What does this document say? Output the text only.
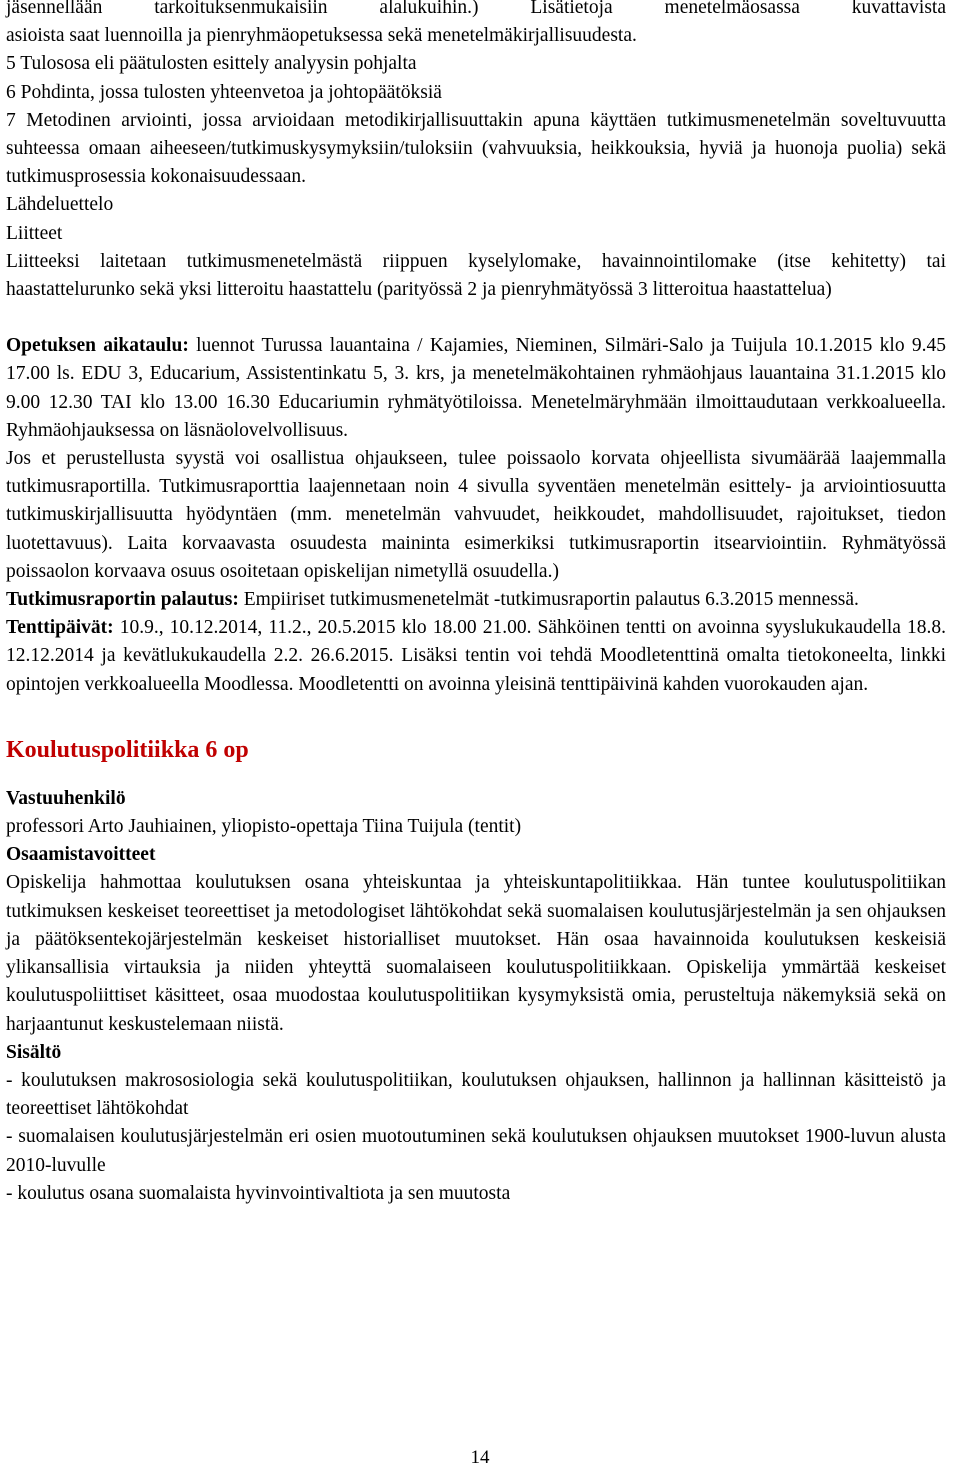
jäsennellään tarkoituksenmukaisiin alalukuihin.) Lisätietoja menetelmäosassa kuvattavista

asioista saat luennoilla ja pienryhmäopetuksessa sekä menetelmäkirjallisuudesta.

5 Tulososa eli päätulosten esittely analyysin pohjalta

6 Pohdinta, jossa tulosten yhteenvetoa ja johtopäätöksiä

7 Metodinen arviointi, jossa arvioidaan metodikirjallisuuttakin apuna käyttäen tutkimusmenetelmän soveltuvuutta suhteessa omaan aiheeseen/tutkimuskysymyksiin/tuloksiin (vahvuuksia, heikkouksia, hyviä ja huonoja puolia) sekä tutkimusprosessia kokonaisuudessaan.

Lähdeluettelo

Liitteet

Liitteeksi laitetaan tutkimusmenetelmästä riippuen kyselylomake, havainnointilomake (itse kehitetty) tai haastattelurunko sekä yksi litteroitu haastattelu (parityössä 2 ja pienryhmätyössä 3 litteroitua haastattelua)

Opetuksen aikataulu: luennot Turussa lauantaina / Kajamies, Nieminen, Silmäri-Salo ja Tuijula 10.1.2015 klo 9.45 17.00 ls. EDU 3, Educarium, Assistentinkatu 5, 3. krs, ja menetelmäkohtainen ryhmäohjaus lauantaina 31.1.2015 klo 9.00 12.30 TAI klo 13.00 16.30 Educariumin ryhmätyötiloissa. Menetelmäryhmään ilmoittaudutaan verkkoalueella. Ryhmäohjauksessa on läsnäolovelvollisuus.

Jos et perustellusta syystä voi osallistua ohjaukseen, tulee poissaolo korvata ohjeellista sivumäärää laajemmalla tutkimusraportilla. Tutkimusraporttia laajennetaan noin 4 sivulla syventäen menetelmän esittely- ja arviointiosuutta tutkimuskirjallisuutta hyödyntäen (mm. menetelmän vahvuudet, heikkoudet, mahdollisuudet, rajoitukset, tiedon luotettavuus). Laita korvaavasta osuudesta maininta esimerkiksi tutkimusraportin itsearviointiin. Ryhmätyössä poissaolon korvaava osuus osoitetaan opiskelijan nimetyllä osuudella.)

Tutkimusraportin palautus: Empiiriset tutkimusmenetelmät -tutkimusraportin palautus 6.3.2015 mennessä.

Tenttipäivät: 10.9., 10.12.2014, 11.2., 20.5.2015 klo 18.00 21.00. Sähköinen tentti on avoinna syyslukukaudella 18.8. 12.12.2014 ja kevätlukukaudella 2.2. 26.6.2015. Lisäksi tentin voi tehdä Moodletenttinä omalta tietokoneelta, linkki opintojen verkkoalueella Moodlessa. Moodletentti on avoinna yleisinä tenttipäivinä kahden vuorokauden ajan.

Koulutuspolitiikka 6 op

Vastuuhenkilö

professori Arto Jauhiainen, yliopisto-opettaja Tiina Tuijula (tentit)

Osaamistavoitteet

Opiskelija hahmottaa koulutuksen osana yhteiskuntaa ja yhteiskuntapolitiikkaa. Hän tuntee koulutuspolitiikan tutkimuksen keskeiset teoreettiset ja metodologiset lähtökohdat sekä suomalaisen koulutusjärjestelmän ja sen ohjauksen ja päätöksentekojärjestelmän keskeiset historialliset muutokset. Hän osaa havainnoida koulutuksen keskeisiä ylikansallisia virtauksia ja niiden yhteyttä suomalaiseen koulutuspolitiikkaan. Opiskelija ymmärtää keskeiset koulutuspoliittiset käsitteet, osaa muodostaa koulutuspolitiikan kysymyksistä omia, perusteltuja näkemyksiä sekä on harjaantunut keskustelemaan niistä.

Sisältö

- koulutuksen makrososiologia sekä koulutuspolitiikan, koulutuksen ohjauksen, hallinnon ja hallinnan käsitteistö ja teoreettiset lähtökohdat

- suomalaisen koulutusjärjestelmän eri osien muotoutuminen sekä koulutuksen ohjauksen muutokset 1900-luvun alusta 2010-luvulle

- koulutus osana suomalaista hyvinvointivaltiota ja sen muutosta

14
